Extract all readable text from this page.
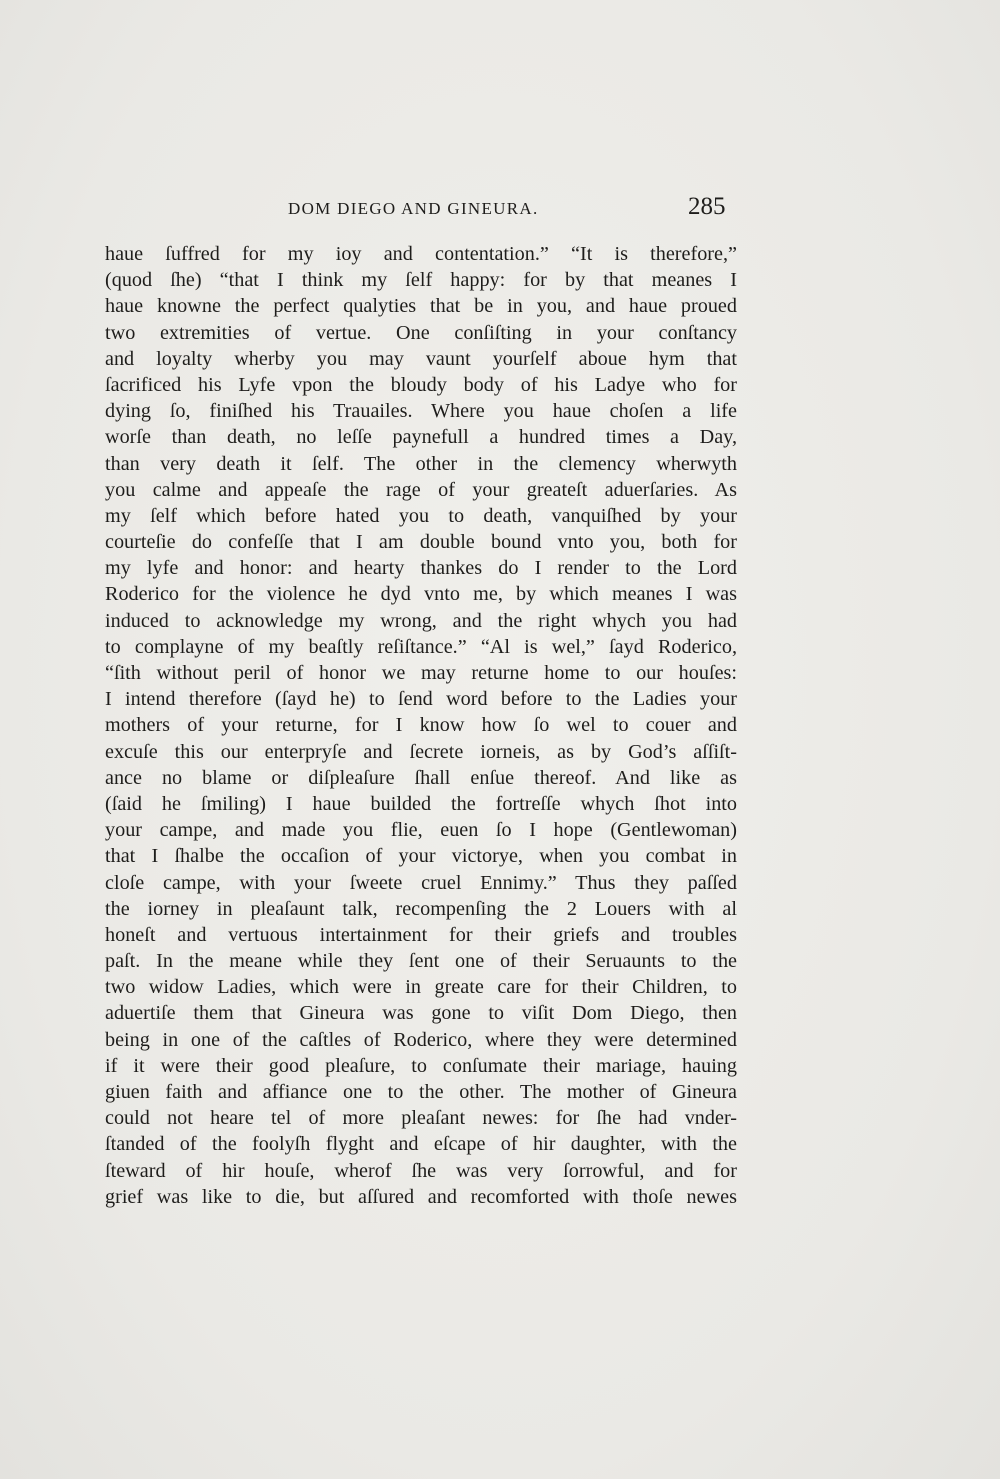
DOM DIEGO AND GINEURA.	285
haue ſuffred for my ioy and contentation.” “It is therefore,”
(quod ſhe) “that I think my ſelf happy: for by that meanes I
haue knowne the perfect qualyties that be in you, and haue proued
two extremities of vertue. One conſiſting in your conſtancy
and loyalty wherby you may vaunt yourſelf aboue hym that
ſacrificed his Lyfe vpon the bloudy body of his Ladye who for
dying ſo, finiſhed his Trauailes. Where you haue choſen a life
worſe than death, no leſſe paynefull a hundred times a Day,
than very death it ſelf. The other in the clemency wherwyth
you calme and appeaſe the rage of your greateſt aduerſaries. As
my ſelf which before hated you to death, vanquiſhed by your
courteſie do confeſſe that I am double bound vnto you, both for
my lyfe and honor: and hearty thankes do I render to the Lord
Roderico for the violence he dyd vnto me, by which meanes I was
induced to acknowledge my wrong, and the right whych you had
to complayne of my beaſtly reſiſtance.” “Al is wel,” ſayd Roderico,
“ſith without peril of honor we may returne home to our houſes:
I intend therefore (ſayd he) to ſend word before to the Ladies your
mothers of your returne, for I know how ſo wel to couer and
excuſe this our enterpryſe and ſecrete iorneis, as by God’s aſſiſt-
ance no blame or diſpleaſure ſhall enſue thereof. And like as
(ſaid he ſmiling) I haue builded the fortreſſe whych ſhot into
your campe, and made you flie, euen ſo I hope (Gentlewoman)
that I ſhalbe the occaſion of your victorye, when you combat in
cloſe campe, with your ſweete cruel Ennimy.” Thus they paſſed
the iorney in pleaſaunt talk, recompenſing the 2 Louers with al
honeſt and vertuous intertainment for their griefs and troubles
paſt. In the meane while they ſent one of their Seruaunts to the
two widow Ladies, which were in greate care for their Children, to
aduertiſe them that Gineura was gone to viſit Dom Diego, then
being in one of the caſtles of Roderico, where they were determined
if it were their good pleaſure, to conſumate their mariage, hauing
giuen faith and affiance one to the other. The mother of Gineura
could not heare tel of more pleaſant newes: for ſhe had vnder-
ſtanded of the foolyſh flyght and eſcape of hir daughter, with the
ſteward of hir houſe, wherof ſhe was very ſorrowful, and for
grief was like to die, but aſſured and recomforted with thoſe newes
